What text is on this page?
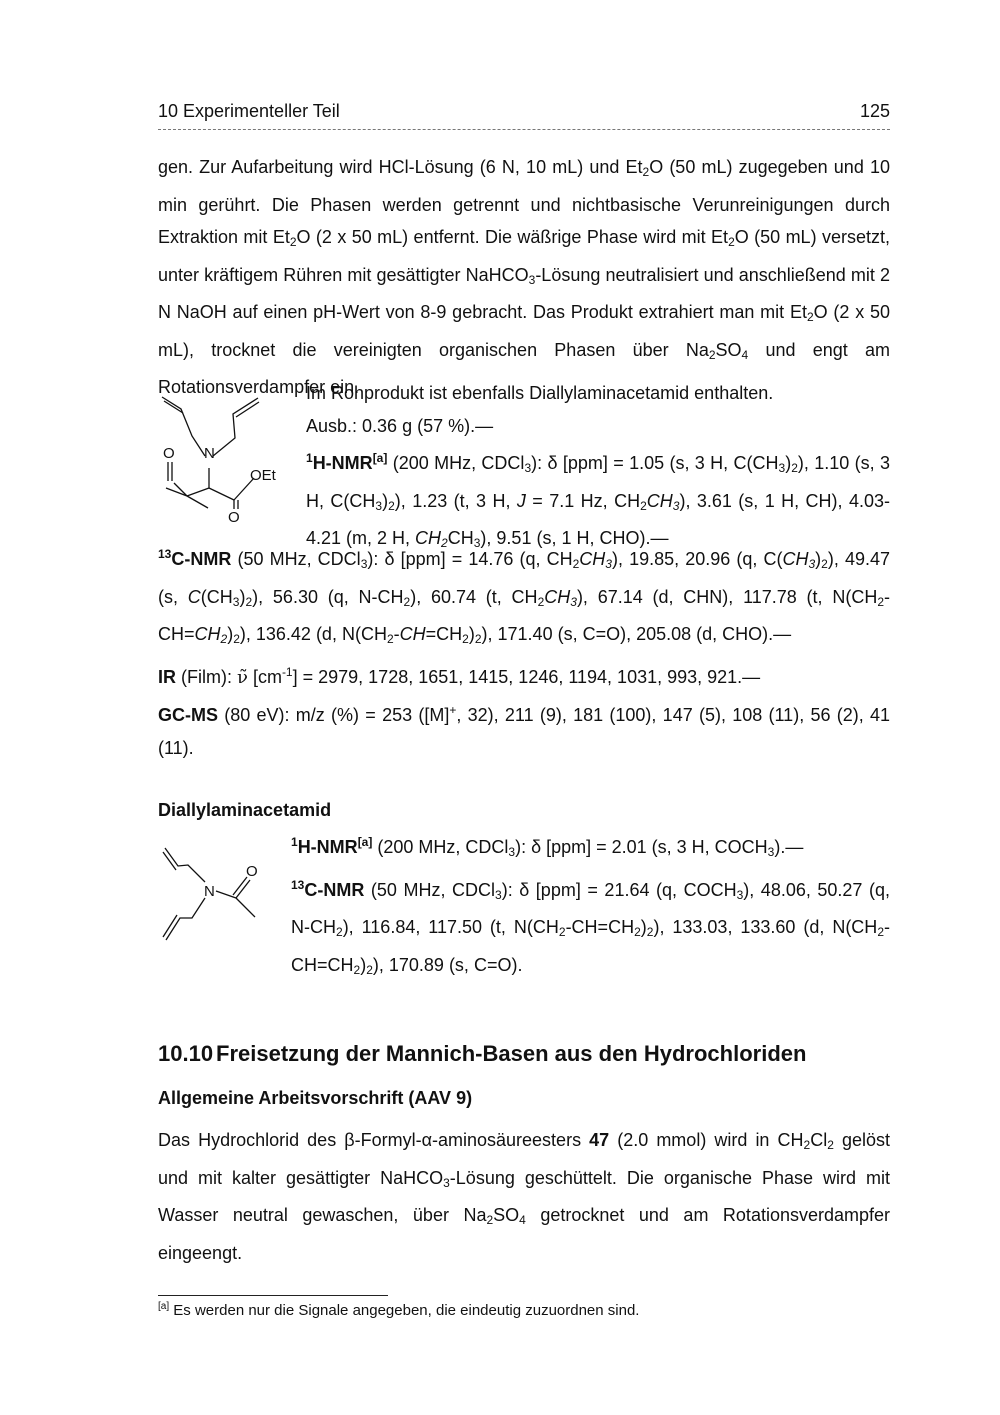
10 Experimenteller Teil	125

gen. Zur Aufarbeitung wird HCl-Lösung (6 N, 10 mL) und $Et_2O$ (50 mL) zugegeben und 10 min gerührt. Die Phasen werden getrennt und nichtbasische Verunreinigungen durch Extraktion mit $Et_2O$ (2 x 50 mL) entfernt. Die wäßrige Phase wird mit $Et_2O$ (50 mL) versetzt, unter kräftigem Rühren mit gesättigter NaHCO$_3$-Lösung neutralisiert und anschließend mit 2 N NaOH auf einen pH-Wert von 8-9 gebracht. Das Produkt extrahiert man mit $Et_2O$ (2 x 50 mL), trocknet die vereinigten organischen Phasen über $Na_2SO_4$ und engt am Rotationsverdampfer ein.

N
O
OEt
O

Im Rohprodukt ist ebenfalls Diallylaminacetamid enthalten.

Ausb.: 0.36 g (57 %).—

$^1$H-NMR[a] (200 MHz, CDCl$_3$): δ [ppm] = 1.05 (s, 3 H, $C(CH_3)_2$), 1.10 (s, 3 H, $C(CH_3)_2$), 1.23 (t, 3 H, J = 7.1 Hz, $CH_2CH_3$), 3.61 (s, 1 H, CH), 4.03-4.21 (m, 2 H, $CH_2CH_3$), 9.51 (s, 1 H, CHO).—

$^{13}$C-NMR (50 MHz, CDCl$_3$): δ [ppm] = 14.76 (q, $CH_2CH_3$), 19.85, 20.96 (q, $C(CH_3)_2$), 49.47 (s, $C(CH_3)_2$), 56.30 (q, $N-CH_2$), 60.74 (t, $CH_2CH_3$), 67.14 (d, CHN), 117.78 (t, $N(CH_2-CH=CH_2)_2$), 136.42 (d, $N(CH_2-CH=CH_2)_2$), 171.40 (s, C=O), 205.08 (d, CHO).—

IR (Film): ν̃ $[cm^{-1}] = 2979$, 1728, 1651, 1415, 1246, 1194, 1031, 993, 921.—

GC-MS (80 eV): m/z (%) = 253 ([M]+, 32), 211 (9), 181 (100), 147 (5), 108 (11), 56 (2), 41 (11).

Diallylaminacetamid
N
O

$^1$H-NMR[a] (200 MHz, CDCl$_3$): δ [ppm] = 2.01 (s, 3 H, $COCH_3).—$

$^{13}$C-NMR (50 MHz, CDCl$_3$): δ [ppm] = 21.64 (q, $COCH_3$), 48.06, 50.27 (q, $N-CH_2$), 116.84, 117.50 (t, $N(CH_2-CH=CH_2)_2$), 133.03, 133.60 (d, $N(CH_2-CH=CH_2)_2$), 170.89 (s, C=O).

10.10 Freisetzung der Mannich-Basen aus den Hydrochloriden
Allgemeine Arbeitsvorschrift (AAV 9)

Das Hydrochlorid des β-Formyl-α-aminosäureesters 47 (2.0 mmol) wird in $CH_2Cl_2$ gelöst und mit kalter gesättigter NaHCO$_3$-Lösung geschüttelt. Die organische Phase wird mit Wasser neutral gewaschen, über $Na_2SO_4$ getrocknet und am Rotationsverdampfer eingeengt.

[a] Es werden nur die Signale angegeben, die eindeutig zuzuordnen sind.
